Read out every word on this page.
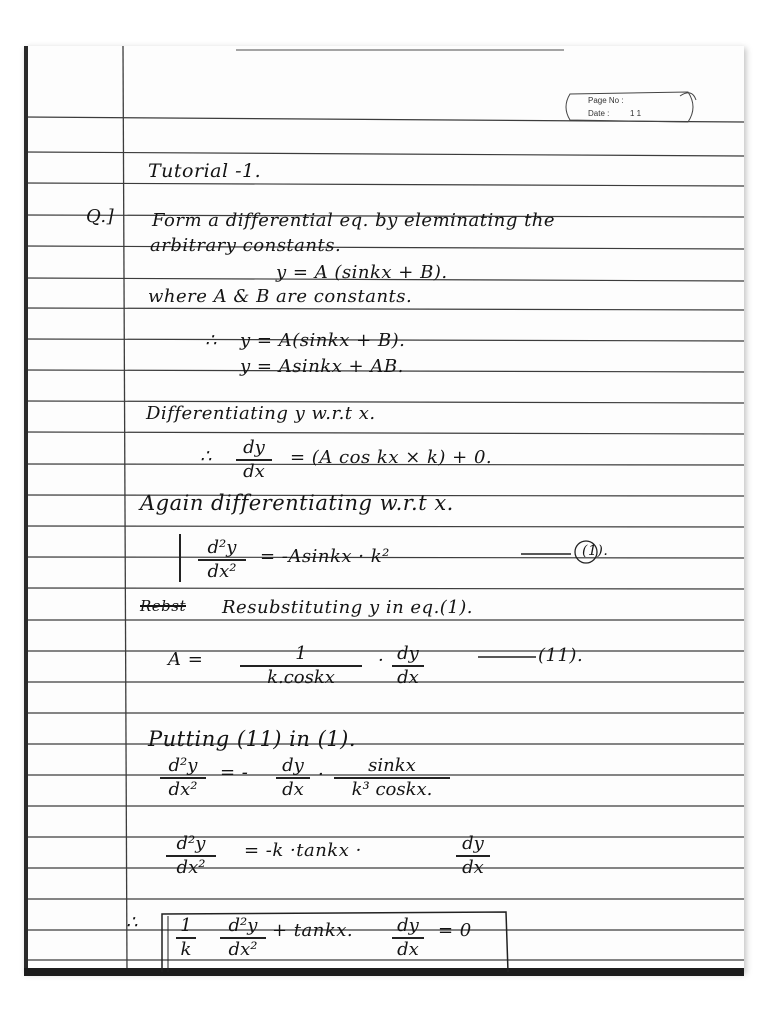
Page No :
Date :	1 1
Tutorial -1.
Q.] Form a differential eq. by eleminating the
arbitrary constants.
y = A (sinkx + B).
where A & B are constants.
∴ y = A(sinkx + B).
y = Asinkx + AB.
Differentiating y w.r.t x.
∴	dy
dx
= (A cos kx × k) + 0.
Again differentiating w.r.t x.
d²y
dx²
= -Asinkx · k²	(1).
Rebst Resubstituting y in eq.(1).
A =	1
k.coskx
· dy
dx
(11).
Putting (11) in (1).
d²y
dx²
= -	dy
dx
·	sinkx
k³ coskx.
d²y
dx²
= -k ·tankx ·	dy
dx
∴ 1
k
d²y
dx²
+ tankx. dy
dx
= 0
